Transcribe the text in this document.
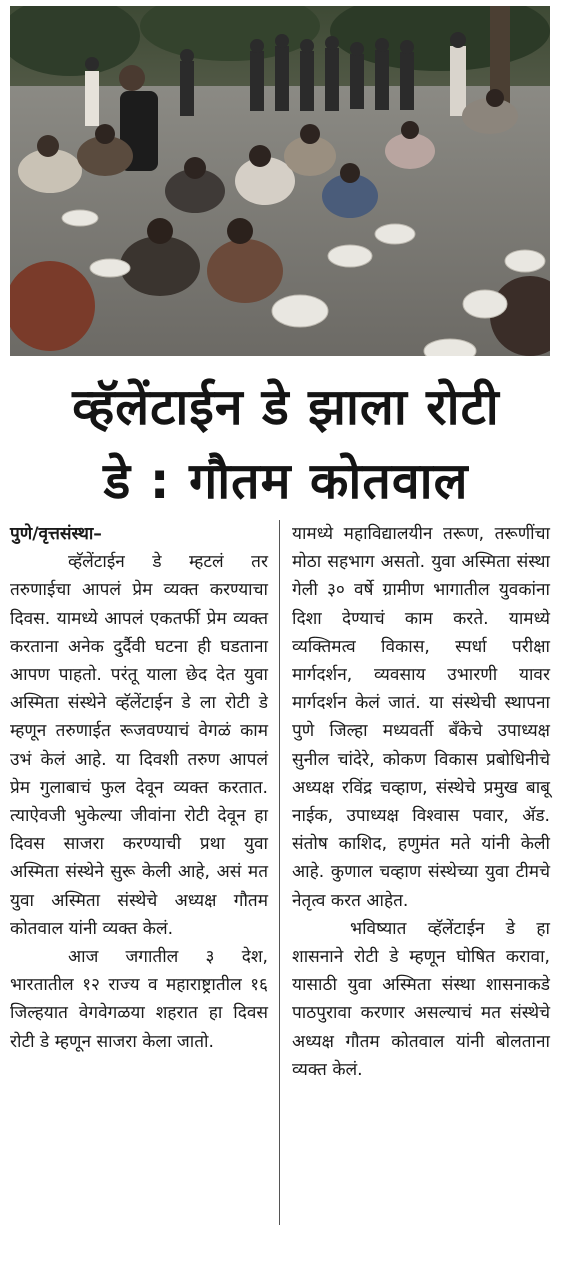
व्हॅलेंटाईन डे झाला रोटी
डे : गौतम कोतवाल

पुणे/वृत्तसंस्था–

व्हॅलेंटाईन डे म्हटलं तर तरुणाईचा आपलं प्रेम व्यक्त करण्याचा दिवस. यामध्ये आपलं एकतर्फी प्रेम व्यक्त करताना अनेक दुर्दैवी घटना ही घडताना आपण पाहतो. परंतू याला छेद देत युवा अस्मिता संस्थेने व्हॅलेंटाईन डे ला रोटी डे म्हणून तरुणाईत रूजवण्याचं वेगळं काम उभं केलं आहे. या दिवशी तरुण आपलं प्रेम गुलाबाचं फुल देवून व्यक्त करतात. त्याऐवजी भुकेल्या जीवांना रोटी देवून हा दिवस साजरा करण्याची प्रथा युवा अस्मिता संस्थेने सुरू केली आहे, असं मत युवा अस्मिता संस्थेचे अध्यक्ष गौतम कोतवाल यांनी व्यक्त केलं.

आज जगातील ३ देश, भारतातील १२ राज्य व महाराष्ट्रातील १६ जिल्हयात वेगवेगळया शहरात हा दिवस रोटी डे म्हणून साजरा केला जातो.

यामध्ये महाविद्यालयीन तरूण, तरूणींचा मोठा सहभाग असतो. युवा अस्मिता संस्था गेली ३० वर्षे ग्रामीण भागातील युवकांना दिशा देण्याचं काम करते. यामध्ये व्यक्तिमत्व विकास, स्पर्धा परीक्षा मार्गदर्शन, व्यवसाय उभारणी यावर मार्गदर्शन केलं जातं. या संस्थेची स्थापना पुणे जिल्हा मध्यवर्ती बँकेचे उपाध्यक्ष सुनील चांदेरे, कोकण विकास प्रबोधिनीचे अध्यक्ष रविंद्र चव्हाण, संस्थेचे प्रमुख बाबू नाईक, उपाध्यक्ष विश्वास पवार, ॲड. संतोष काशिद, हणुमंत मते यांनी केली आहे. कुणाल चव्हाण संस्थेच्या युवा टीमचे नेतृत्व करत आहेत.

भविष्यात व्हॅलेंटाईन डे हा शासनाने रोटी डे म्हणून घोषित करावा, यासाठी युवा अस्मिता संस्था शासनाकडे पाठपुरावा करणार असल्याचं मत संस्थेचे अध्यक्ष गौतम कोतवाल यांनी बोलताना व्यक्त केलं.
